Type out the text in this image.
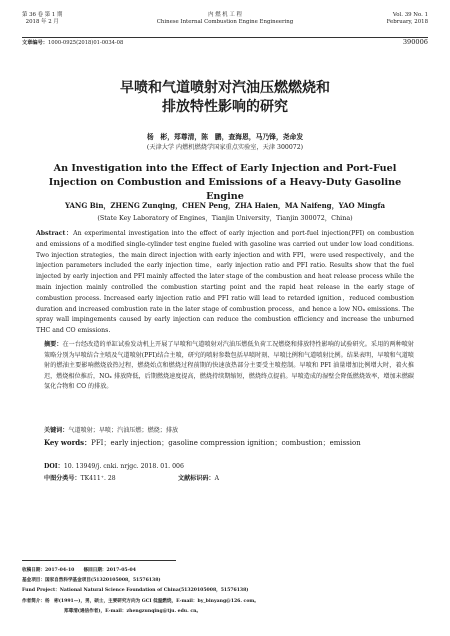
第 36 卷 第 1 期
2018 年 2 月
内 燃 机 工 程
Chinese Internal Combustion Engine Engineering
Vol. 39 No. 1
February, 2018
文章编号：1000-0925(2018)01-0034-08	390006
早喷和气道喷射对汽油压燃燃烧和
排放特性影响的研究
杨　彬，郑尊清，陈　鹏，查海恩，马乃锋，尧命发
(天津大学 内燃机燃烧学国家重点实验室，天津 300072)
An Investigation into the Effect of Early Injection and Port-Fuel Injection on Combustion and Emissions of a Heavy-Duty Gasoline Engine
YANG Bin，ZHENG Zunqing，CHEN Peng，ZHA Haien，MA Naifeng，YAO Mingfa
(State Key Laboratory of Engines，Tianjin University，Tianjin 300072，China)
Abstract：An experimental investigation into the effect of early injection and port-fuel injection(PFI) on combustion and emissions of a modified single-cylinder test engine fueled with gasoline was carried out under low load conditions. Two injection strategies，the main direct injection with early injection and with FPI，were used respectively，and the injection parameters included the early injection time，early injection ratio and PFI ratio. Results show that the fuel injected by early injection and PFI mainly affected the later stage of the combustion and heat release process while the main injection mainly controlled the combustion starting point and the rapid heat release in the early stage of combustion process. Increased early injection ratio and PFI ratio will lead to retarded ignition，reduced combustion duration and increased combustion rate in the later stage of combustion process，and hence a low NOₓ emissions. The spray wall impingements caused by early injection can reduce the combustion efficiency and increase the unburned THC and CO emissions.
摘要：在一台经改造的单缸试验发动机上开展了早喷和气道喷射对汽油压燃低负荷工况燃烧和排放特性影响的试验研究。采用的两种喷射策略分别为早喷结合主喷及气道喷射(PFI)结合主喷，研究的喷射参数包括早喷时刻、早喷比例和气道喷射比例。结果表明，早喷和气道喷射的燃油主要影响燃烧放热过程，燃烧始点和燃烧过程前期的快速放热部分主要受主喷控制。早喷和 PFI 油量增加比例增大时，着火推迟，燃烧相位推后，NOₓ 排放降低，后期燃烧速度提高，燃烧持续期缩短，燃烧终点提前。早喷造成的湿壁会降低燃烧效率，增加未燃碳氢化合物和 CO 的排放。
关键词：气道喷射；早喷；汽油压燃；燃烧；排放
Key words：PFI；early injection；gasoline compression ignition；combustion；emission
DOI：10. 13949/j. cnki. nrjgc. 2018. 01. 006
中图分类号：TK411⁺. 28	文献标识码：A
收稿日期：2017-04-10　　修回日期：2017-05-04
基金项目：国家自然科学基金项目(51320105008，51576138)
Fund Project：National Natural Science Foundation of China(51320105008，51576138)
作者简介：杨　彬(1991—)，男，硕士，主要研究方向为 GCI 低温燃烧，E-mail：by_binyang@126. com。
郑尊清(通信作者)，E-mail：zhengzunqing@tju. edu. cn。
